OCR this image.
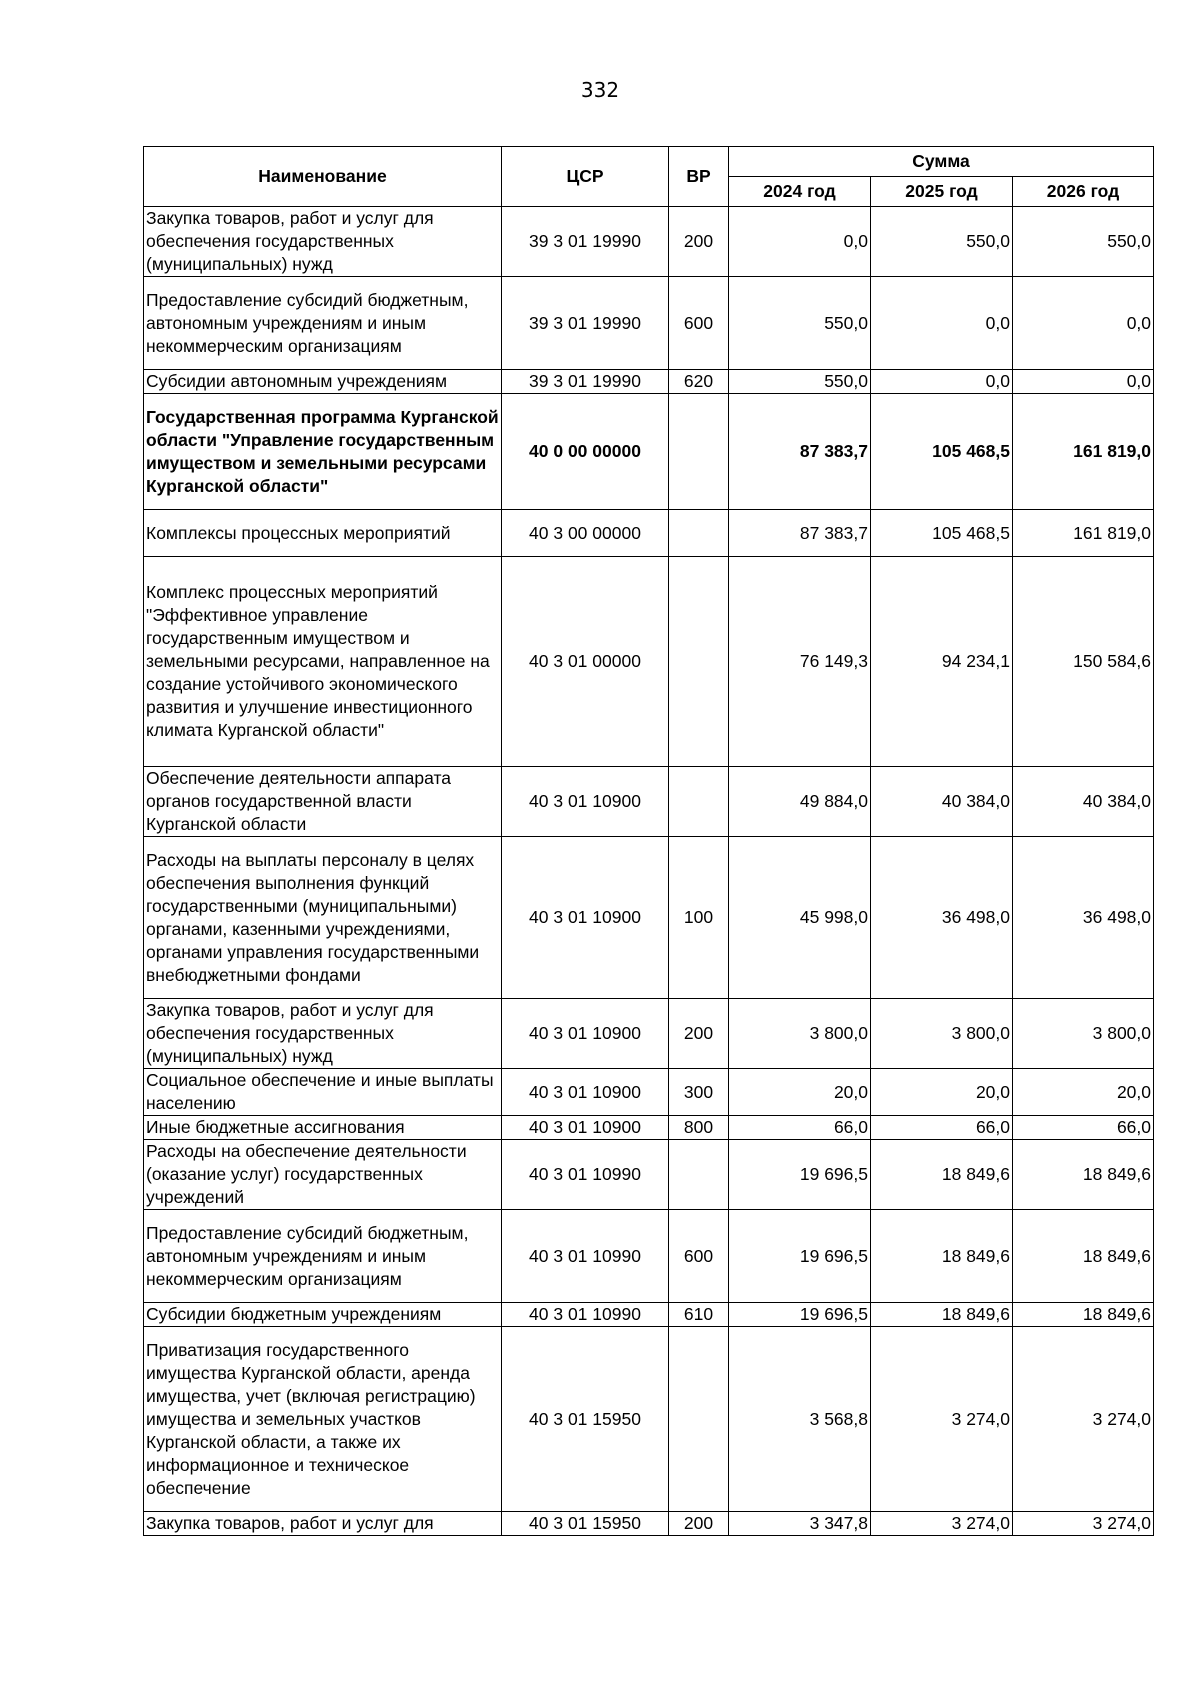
332
Наименование	ЦСР	ВР	Сумма		
			2024 год	2025 год	2026 год
Закупка товаров, работ и услуг для обеспечения государственных (муниципальных) нужд	39 3 01 19990	200	0,0	550,0	550,0
Предоставление субсидий бюджетным, автономным учреждениям и иным некоммерческим организациям	39 3 01 19990	600	550,0	0,0	0,0
Субсидии автономным учреждениям	39 3 01 19990	620	550,0	0,0	0,0
Государственная программа Курганской области "Управление государственным имуществом и земельными ресурсами Курганской области"	40 0 00 00000		87 383,7	105 468,5	161 819,0
Комплексы процессных мероприятий	40 3 00 00000		87 383,7	105 468,5	161 819,0
Комплекс процессных мероприятий "Эффективное управление государственным имуществом и земельными ресурсами, направленное на создание устойчивого экономического развития и улучшение инвестиционного климата Курганской области"	40 3 01 00000		76 149,3	94 234,1	150 584,6
Обеспечение деятельности аппарата органов государственной власти Курганской области	40 3 01 10900		49 884,0	40 384,0	40 384,0
Расходы на выплаты персоналу в целях обеспечения выполнения функций государственными (муниципальными) органами, казенными учреждениями, органами управления государственными внебюджетными фондами	40 3 01 10900	100	45 998,0	36 498,0	36 498,0
Закупка товаров, работ и услуг для обеспечения государственных (муниципальных) нужд	40 3 01 10900	200	3 800,0	3 800,0	3 800,0
Социальное обеспечение и иные выплаты населению	40 3 01 10900	300	20,0	20,0	20,0
Иные бюджетные ассигнования	40 3 01 10900	800	66,0	66,0	66,0
Расходы на обеспечение деятельности (оказание услуг) государственных учреждений	40 3 01 10990		19 696,5	18 849,6	18 849,6
Предоставление субсидий бюджетным, автономным учреждениям и иным некоммерческим организациям	40 3 01 10990	600	19 696,5	18 849,6	18 849,6
Субсидии бюджетным учреждениям	40 3 01 10990	610	19 696,5	18 849,6	18 849,6
Приватизация государственного имущества Курганской области, аренда имущества, учет (включая регистрацию) имущества и земельных участков Курганской области, а также их информационное и техническое обеспечение	40 3 01 15950		3 568,8	3 274,0	3 274,0
Закупка товаров, работ и услуг для	40 3 01 15950	200	3 347,8	3 274,0	3 274,0
